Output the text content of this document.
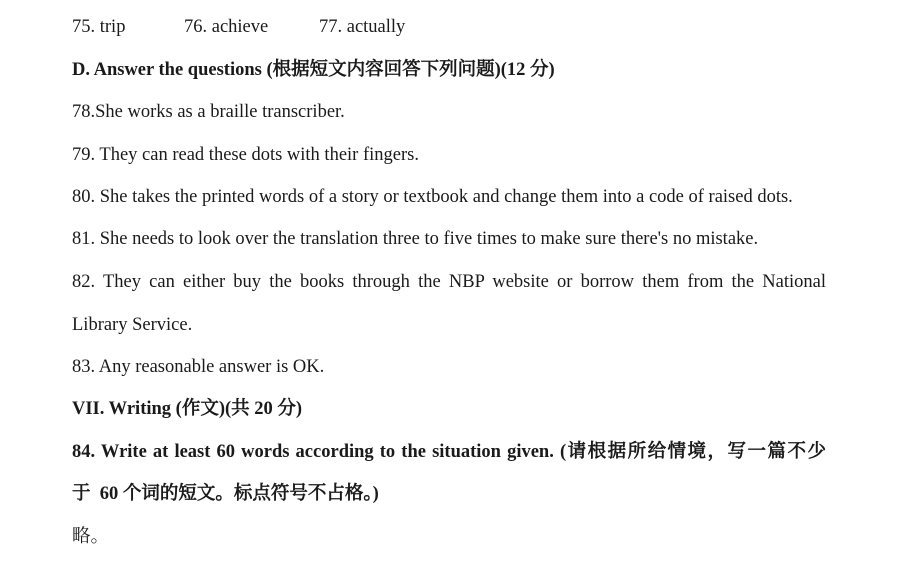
75. trip	76. achieve	77. actually
D. Answer the questions (根据短文内容回答下列问题)(12 分)
78.She works as a braille transcriber.
79. They can read these dots with their fingers.
80. She takes the printed words of a story or textbook and change them into a code of raised dots.
81. She needs to look over the translation three to five times to make sure there's no mistake.
82. They can either buy the books through the NBP website or borrow them from the National
Library Service.
83. Any reasonable answer is OK.
VII. Writing (作文)(共 20 分)
84. Write at least 60 words according to the situation given. (请根据所给情境，写一篇不少
于  60 个词的短文。标点符号不占格。)
略。
